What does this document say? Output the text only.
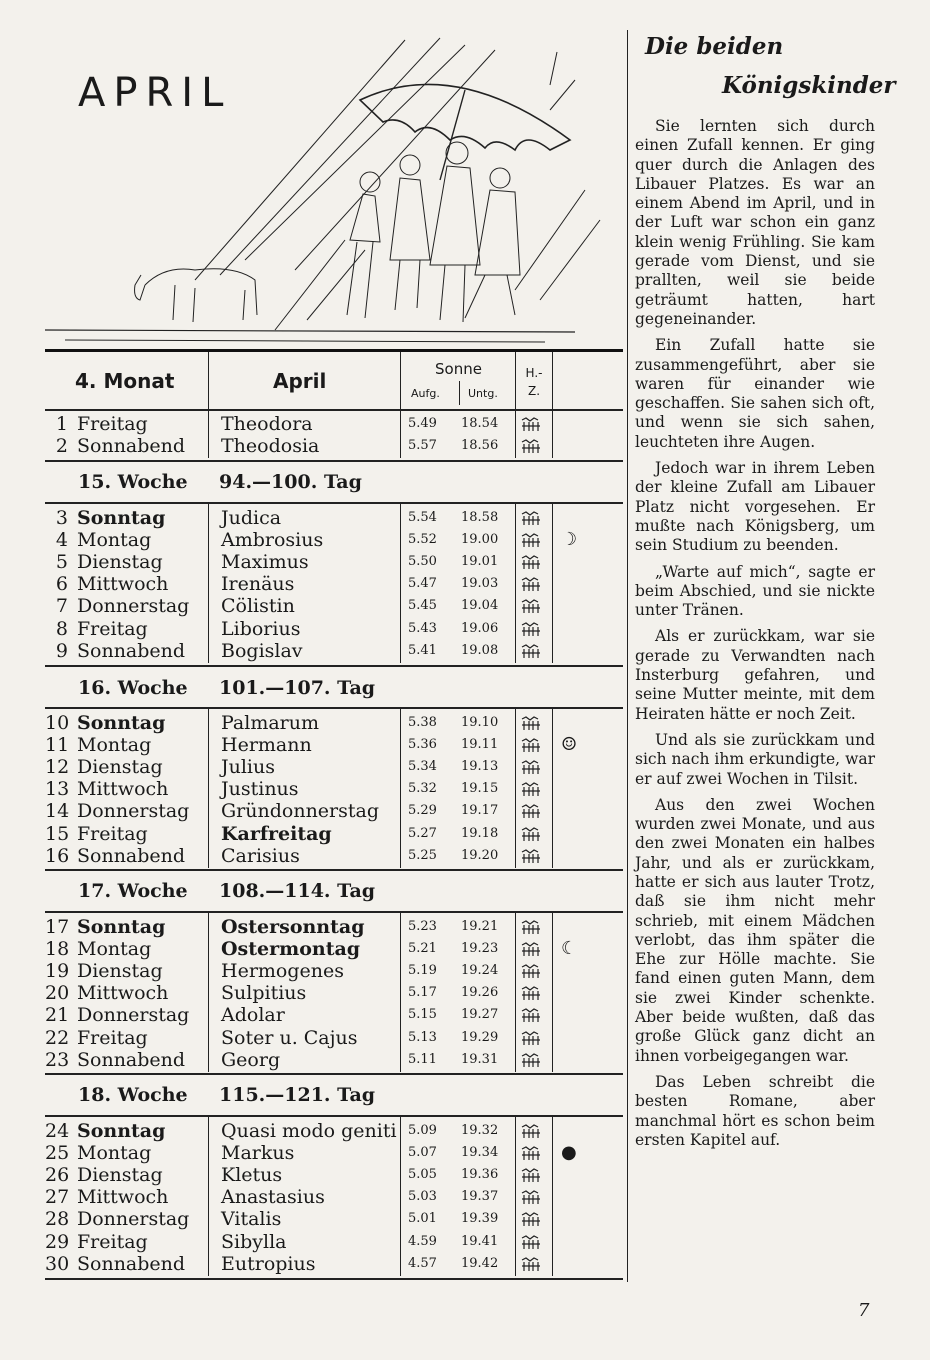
APRIL
4. Monat	April	Sonne
Aufg.	Untg.
H.-Z.
15. Woche 94.—100. Tag
16. Woche 101.—107. Tag
17. Woche 108.—114. Tag
18. Woche 115.—121. Tag
1 Freitag	Theodora	5.49 18.54
2 Sonnabend Theodosia	5.57 18.56
3 Sonntag	Judica	5.54 18.58
4 Montag	Ambrosius	5.52 19.00	☽
5 Dienstag	Maximus	5.50 19.01
6 Mittwoch	Irenäus	5.47 19.03
7 Donnerstag Cölistin	5.45 19.04
8 Freitag	Liborius	5.43 19.06
9 Sonnabend Bogislav	5.41 19.08
10 Sonntag	Palmarum	5.38 19.10
11 Montag	Hermann	5.36 19.11	☺
12 Dienstag	Julius	5.34 19.13
13 Mittwoch	Justinus	5.32 19.15
14 Donnerstag Gründonnerstag 5.29 19.17
15 Freitag	Karfreitag	5.27 19.18
16 Sonnabend Carisius	5.25 19.20
17 Sonntag	Ostersonntag	5.23 19.21
18 Montag	Ostermontag	5.21 19.23	☾
19 Dienstag	Hermogenes	5.19 19.24
20 Mittwoch	Sulpitius	5.17 19.26
21 Donnerstag Adolar	5.15 19.27
22 Freitag	Soter u. Cajus	5.13 19.29
23 Sonnabend Georg	5.11 19.31
24 Sonntag	Quasi modo geniti 5.09 19.32
25 Montag	Markus	5.07 19.34	●
26 Dienstag	Kletus	5.05 19.36
27 Mittwoch	Anastasius	5.03 19.37
28 Donnerstag Vitalis	5.01 19.39
29 Freitag	Sibylla	4.59 19.41
30 Sonnabend Eutropius	4.57 19.42
Die beiden
Königskinder

Sie lernten sich durch einen Zufall kennen. Er ging quer durch die Anlagen des Libauer Platzes. Es war an einem Abend im April, und in der Luft war schon ein ganz klein wenig Frühling. Sie kam gerade vom Dienst, und sie prallten, weil sie beide geträumt hatten, hart gegeneinander.

Ein Zufall hatte sie zusammengeführt, aber sie waren für einander wie geschaffen. Sie sahen sich oft, und wenn sie sich sahen, leuchteten ihre Augen.

Jedoch war in ihrem Leben der kleine Zufall am Libauer Platz nicht vorgesehen. Er mußte nach Königsberg, um sein Studium zu beenden.

„Warte auf mich“, sagte er beim Abschied, und sie nickte unter Tränen.

Als er zurückkam, war sie gerade zu Verwandten nach Insterburg gefahren, und seine Mutter meinte, mit dem Heiraten hätte er noch Zeit.

Und als sie zurückkam und sich nach ihm erkundigte, war er auf zwei Wochen in Tilsit.

Aus den zwei Wochen wurden zwei Monate, und aus den zwei Monaten ein halbes Jahr, und als er zurückkam, hatte er sich aus lauter Trotz, daß sie ihm nicht mehr schrieb, mit einem Mädchen verlobt, das ihm später die Ehe zur Hölle machte. Sie fand einen guten Mann, dem sie zwei Kinder schenkte. Aber beide wußten, daß das große Glück ganz dicht an ihnen vorbeigegangen war.

Das Leben schreibt die besten Romane, aber manchmal hört es schon beim ersten Kapitel auf.

7
